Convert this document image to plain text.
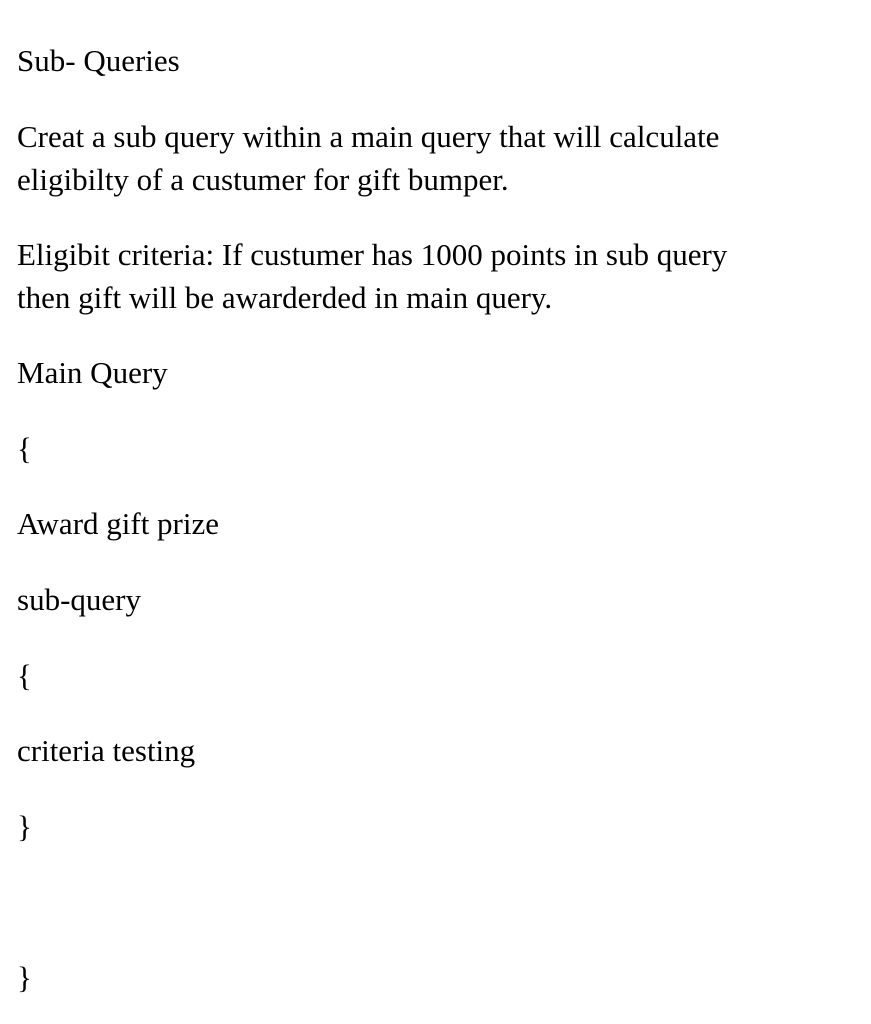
Sub- Queries

Creat a sub query within a main query that will calculate

eligibilty of a custumer for gift bumper.

Eligibit criteria: If custumer has 1000 points in sub query

then gift will be awarderded in main query.

Main Query

{

Award gift prize

sub-query

{

criteria testing

}

}
